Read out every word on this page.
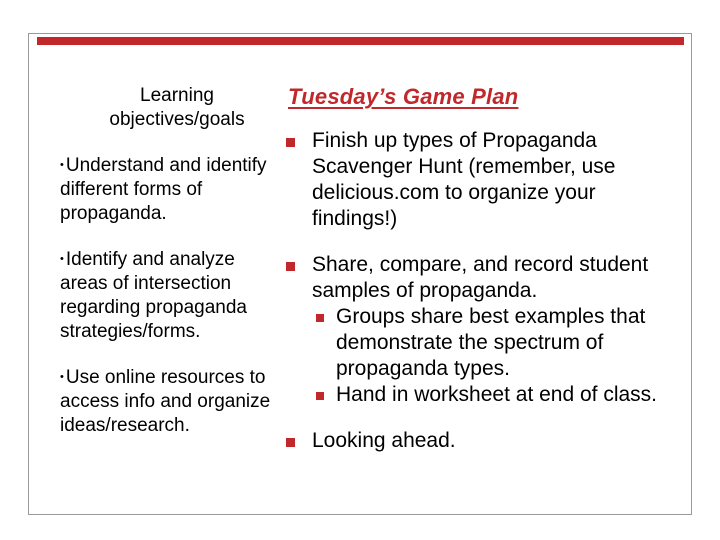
Learning objectives/goals
• Understand and identify different forms of propaganda.
• Identify and analyze areas of intersection regarding propaganda strategies/forms.
• Use online resources to access info and organize ideas/research.
Tuesday’s Game Plan
Finish up types of Propaganda Scavenger Hunt (remember, use delicious.com to organize your findings!)
Share, compare, and record student samples of propaganda.
Groups share best examples that demonstrate the spectrum of propaganda types.
Hand in worksheet at end of class.
Looking ahead.
